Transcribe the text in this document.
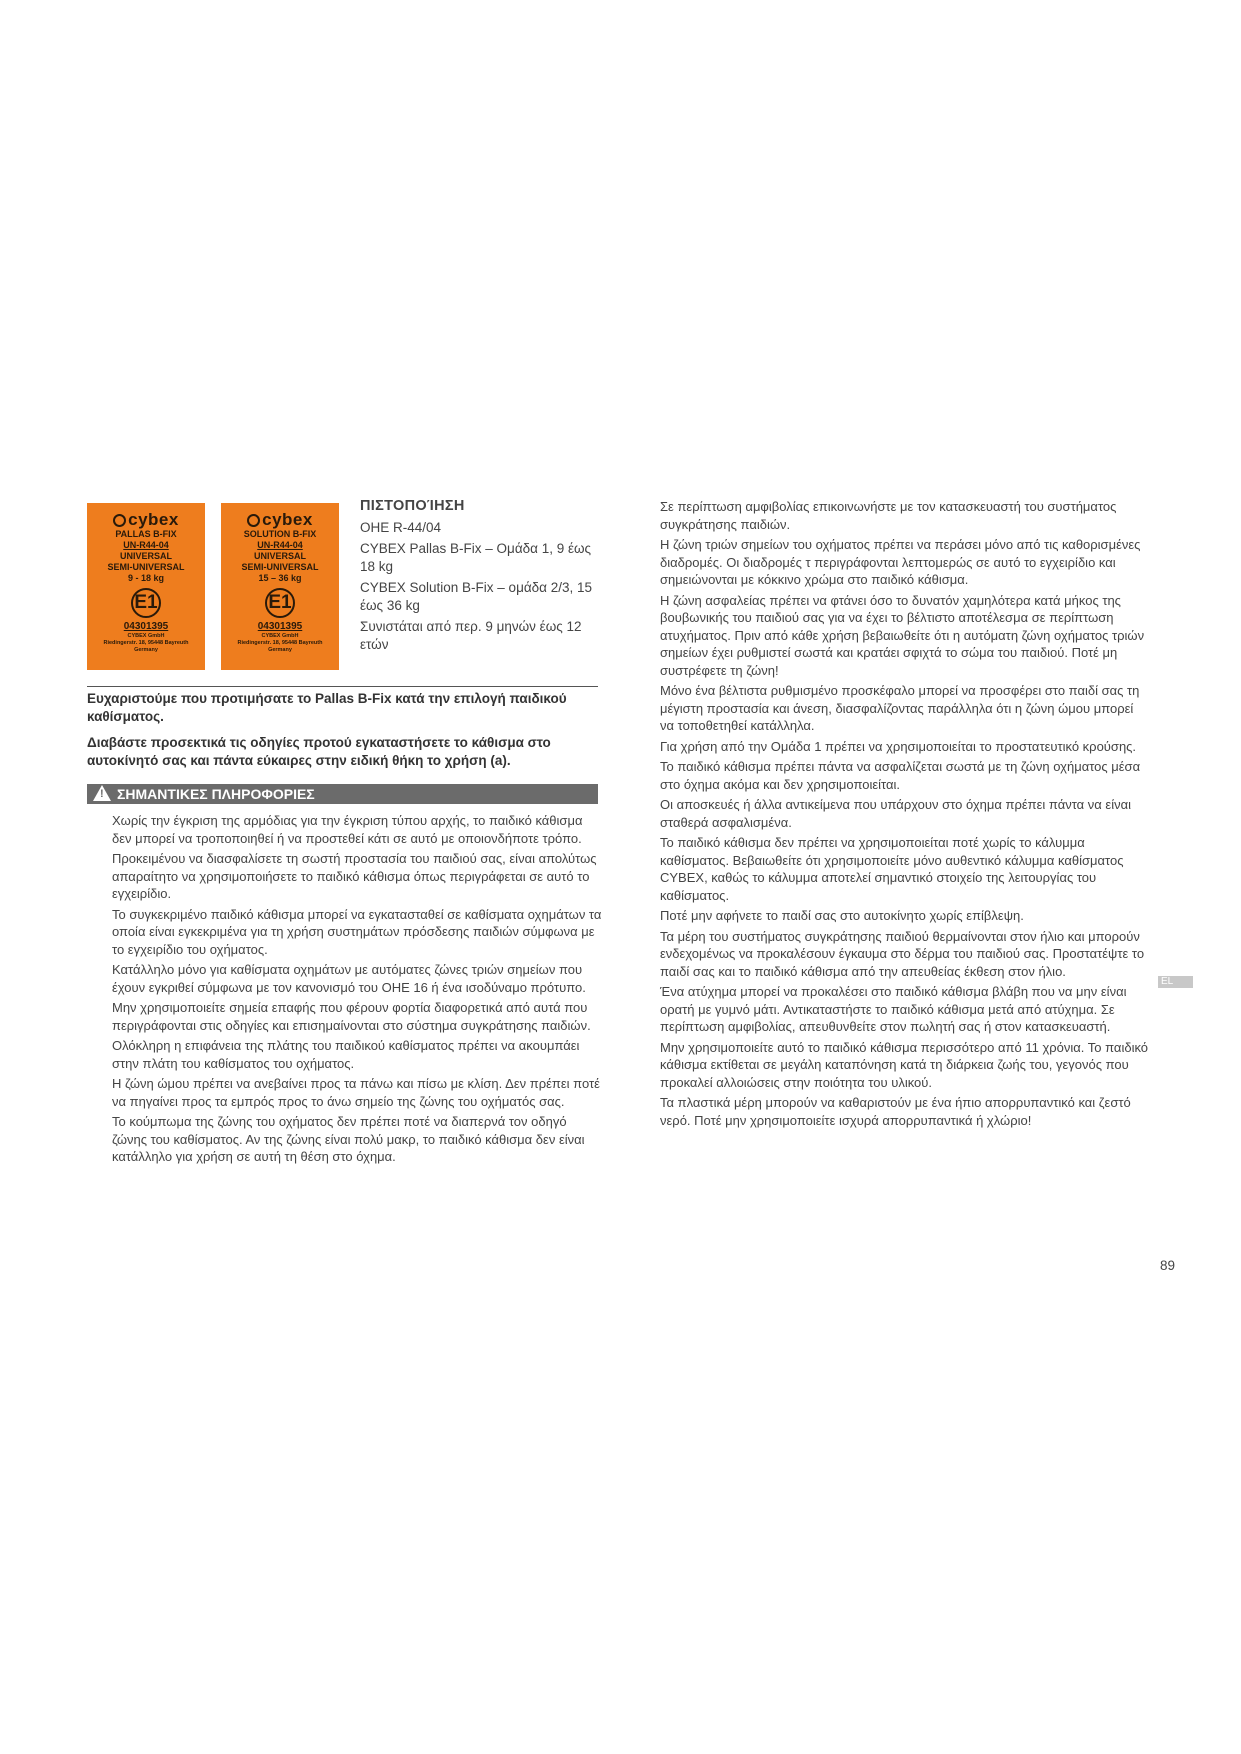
cybex
PALLAS B-FIX
UN-R44-04
UNIVERSAL
SEMI-UNIVERSAL
9 - 18 kg
E1
04301395
CYBEX GmbH
Riedingerstr. 18, 95448 Bayreuth
Germany
cybex
SOLUTION B-FIX
UN-R44-04
UNIVERSAL
SEMI-UNIVERSAL
15 – 36 kg
E1
04301395
CYBEX GmbH
Riedingerstr. 18, 95448 Bayreuth
Germany
ΠΙΣΤΟΠΟΊΗΣΗ

ΟΗΕ R-44/04

CYBEX Pallas B-Fix – Ομάδα 1, 9 έως 18 kg

CYBEX Solution B-Fix – ομάδα 2/3, 15 έως 36 kg

Συνιστάται από περ. 9 μηνών έως 12 ετών

Ευχαριστούμε που προτιμήσατε το Pallas B-Fix κατά την επιλογή παιδικού καθίσματος.

Διαβάστε προσεκτικά τις οδηγίες προτού εγκαταστήσετε το κάθισμα στο αυτοκίνητό σας και πάντα εύκαιρες στην ειδική θήκη το χρήση (a).

! ΣΗΜΑΝΤΙΚΕΣ ΠΛΗΡΟΦΟΡΙΕΣ

Χωρίς την έγκριση της αρμόδιας για την έγκριση τύπου αρχής, το παιδικό κάθισμα δεν μπορεί να τροποποιηθεί ή να προστεθεί κάτι σε αυτό με οποιονδήποτε τρόπο.

Προκειμένου να διασφαλίσετε τη σωστή προστασία του παιδιού σας, είναι απολύτως απαραίτητο να χρησιμοποιήσετε το παιδικό κάθισμα όπως περιγράφεται σε αυτό το εγχειρίδιο.

Το συγκεκριμένο παιδικό κάθισμα μπορεί να εγκατασταθεί σε καθίσματα οχημάτων τα οποία είναι εγκεκριμένα για τη χρήση συστημάτων πρόσδεσης παιδιών σύμφωνα με το εγχειρίδιο του οχήματος.

Κατάλληλο μόνο για καθίσματα οχημάτων με αυτόματες ζώνες τριών σημείων που έχουν εγκριθεί σύμφωνα με τον κανονισμό του ΟΗΕ 16 ή ένα ισοδύναμο πρότυπο.

Μην χρησιμοποιείτε σημεία επαφής που φέρουν φορτία διαφορετικά από αυτά που περιγράφονται στις οδηγίες και επισημαίνονται στο σύστημα συγκράτησης παιδιών.

Ολόκληρη η επιφάνεια της πλάτης του παιδικού καθίσματος πρέπει να ακουμπάει στην πλάτη του καθίσματος του οχήματος.

Η ζώνη ώμου πρέπει να ανεβαίνει προς τα πάνω και πίσω με κλίση. Δεν πρέπει ποτέ να πηγαίνει προς τα εμπρός προς το άνω σημείο της ζώνης του οχήματός σας.

Το κούμπωμα της ζώνης του οχήματος δεν πρέπει ποτέ να διαπερνά τον οδηγό ζώνης του καθίσματος. Αν της ζώνης είναι πολύ μακρ, το παιδικό κάθισμα δεν είναι κατάλληλο για χρήση σε αυτή τη θέση στο όχημα.

Σε περίπτωση αμφιβολίας επικοινωνήστε με τον κατασκευαστή του συστήματος συγκράτησης παιδιών.

Η ζώνη τριών σημείων του οχήματος πρέπει να περάσει μόνο από τις καθορισμένες διαδρομές. Οι διαδρομές τ περιγράφονται λεπτομερώς σε αυτό το εγχειρίδιο και σημειώνονται με κόκκινο χρώμα στο παιδικό κάθισμα.

Η ζώνη ασφαλείας πρέπει να φτάνει όσο το δυνατόν χαμηλότερα κατά μήκος της βουβωνικής του παιδιού σας για να έχει το βέλτιστο αποτέλεσμα σε περίπτωση ατυχήματος. Πριν από κάθε χρήση βεβαιωθείτε ότι η αυτόματη ζώνη οχήματος τριών σημείων έχει ρυθμιστεί σωστά και κρατάει σφιχτά το σώμα του παιδιού. Ποτέ μη συστρέφετε τη ζώνη!

Μόνο ένα βέλτιστα ρυθμισμένο προσκέφαλο μπορεί να προσφέρει στο παιδί σας τη μέγιστη προστασία και άνεση, διασφαλίζοντας παράλληλα ότι η ζώνη ώμου μπορεί να τοποθετηθεί κατάλληλα.

Για χρήση από την Ομάδα 1 πρέπει να χρησιμοποιείται το προστατευτικό κρούσης.

Το παιδικό κάθισμα πρέπει πάντα να ασφαλίζεται σωστά με τη ζώνη οχήματος μέσα στο όχημα ακόμα και δεν χρησιμοποιείται.

Οι αποσκευές ή άλλα αντικείμενα που υπάρχουν στο όχημα πρέπει πάντα να είναι σταθερά ασφαλισμένα.

Το παιδικό κάθισμα δεν πρέπει να χρησιμοποιείται ποτέ χωρίς το κάλυμμα καθίσματος. Βεβαιωθείτε ότι χρησιμοποιείτε μόνο αυθεντικό κάλυμμα καθίσματος CYBEX, καθώς το κάλυμμα αποτελεί σημαντικό στοιχείο της λειτουργίας του καθίσματος.

Ποτέ μην αφήνετε το παιδί σας στο αυτοκίνητο χωρίς επίβλεψη.

Τα μέρη του συστήματος συγκράτησης παιδιού θερμαίνονται στον ήλιο και μπορούν ενδεχομένως να προκαλέσουν έγκαυμα στο δέρμα του παιδιού σας. Προστατέψτε το παιδί σας και το παιδικό κάθισμα από την απευθείας έκθεση στον ήλιο.

Ένα ατύχημα μπορεί να προκαλέσει στο παιδικό κάθισμα βλάβη που να μην είναι ορατή με γυμνό μάτι. Αντικαταστήστε το παιδικό κάθισμα μετά από ατύχημα. Σε περίπτωση αμφιβολίας, απευθυνθείτε στον πωλητή σας ή στον κατασκευαστή.

Μην χρησιμοποιείτε αυτό το παιδικό κάθισμα περισσότερο από 11 χρόνια. Το παιδικό κάθισμα εκτίθεται σε μεγάλη καταπόνηση κατά τη διάρκεια ζωής του, γεγονός που προκαλεί αλλοιώσεις στην ποιότητα του υλικού.

Τα πλαστικά μέρη μπορούν να καθαριστούν με ένα ήπιο απορρυπαντικό και ζεστό νερό. Ποτέ μην χρησιμοποιείτε ισχυρά απορρυπαντικά ή χλώριο!

EL
89
